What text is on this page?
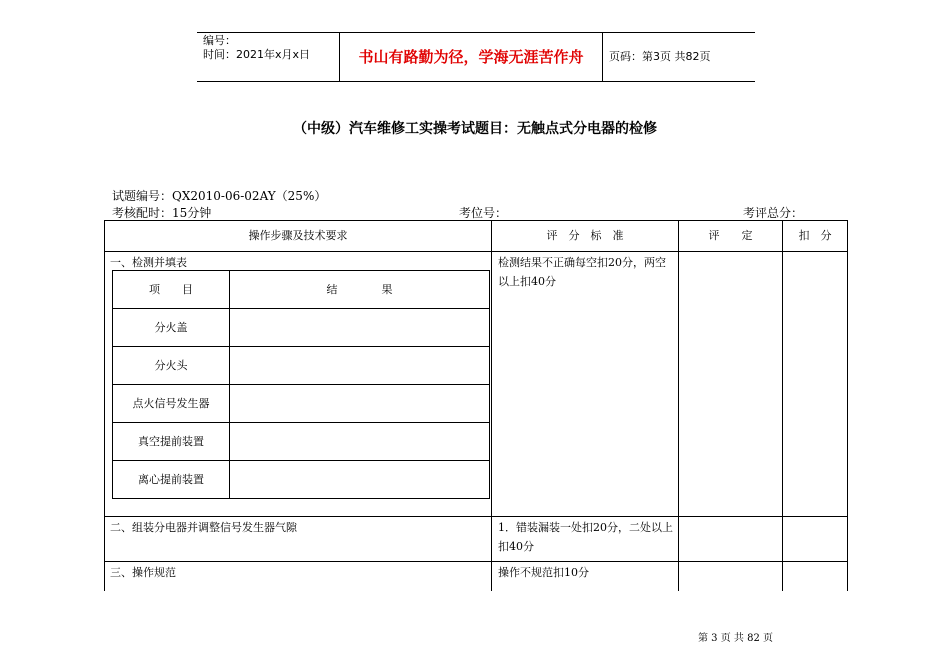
编号：
时间：2021年x月x日	书山有路勤为径，学海无涯苦作舟	页码：第3页 共82页
（中级）汽车维修工实操考试题目：无触点式分电器的检修
试题编号：QX2010-06-02AY（25%）
考核配时：15分钟	考位号：	考评总分：
操作步骤及技术要求	评　分　标　准	评　　定	扣　分
一、检测并填表	检测结果不正确每空扣20分，两空以上扣40分
项　　目	结　　　　果
分火盖
分火头
点火信号发生器
真空提前装置
离心提前装置
二、组装分电器并调整信号发生器气隙	1．错装漏装一处扣20分，二处以上扣40分
三、操作规范	操作不规范扣10分
第 3 页 共 82 页
